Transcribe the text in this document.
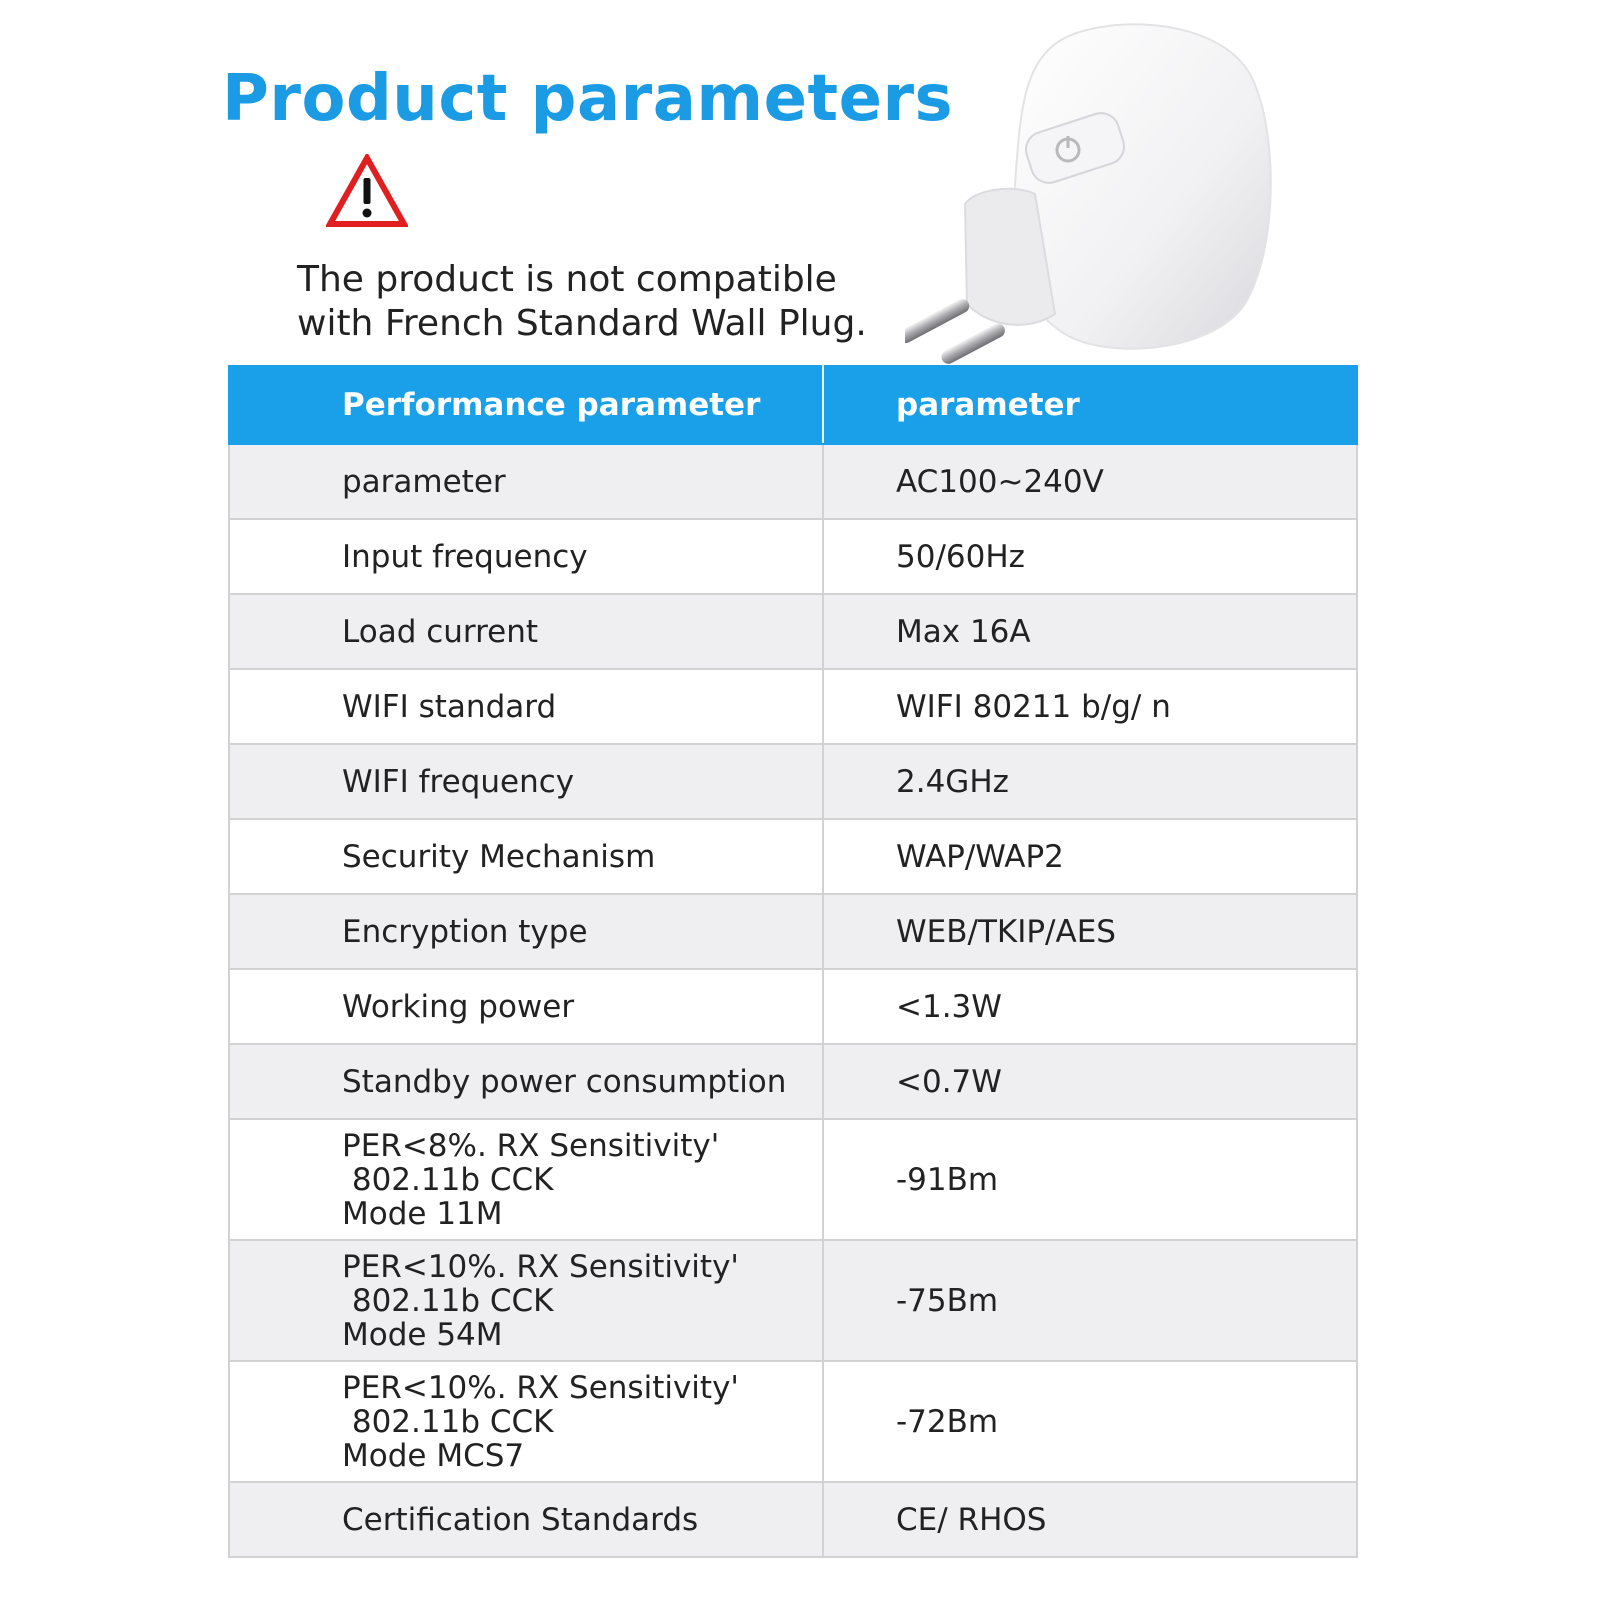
Product parameters
The product is not compatible
with French Standard Wall Plug.
Performance parameter	parameter
parameter	AC100~240V
Input frequency	50/60Hz
Load current	Max 16A
WIFI standard	WIFI 80211 b/g/ n
WIFI frequency	2.4GHz
Security Mechanism	WAP/WAP2
Encryption type	WEB/TKIP/AES
Working power	<1.3W
Standby power consumption	<0.7W

PER<8%. RX Sensitivity'
802.11b CCK
Mode 11M	-91Bm

PER<10%. RX Sensitivity'
802.11b CCK
Mode 54M	-75Bm

PER<10%. RX Sensitivity'
802.11b CCK
Mode MCS7	-72Bm
Certification Standards	CE/ RHOS
